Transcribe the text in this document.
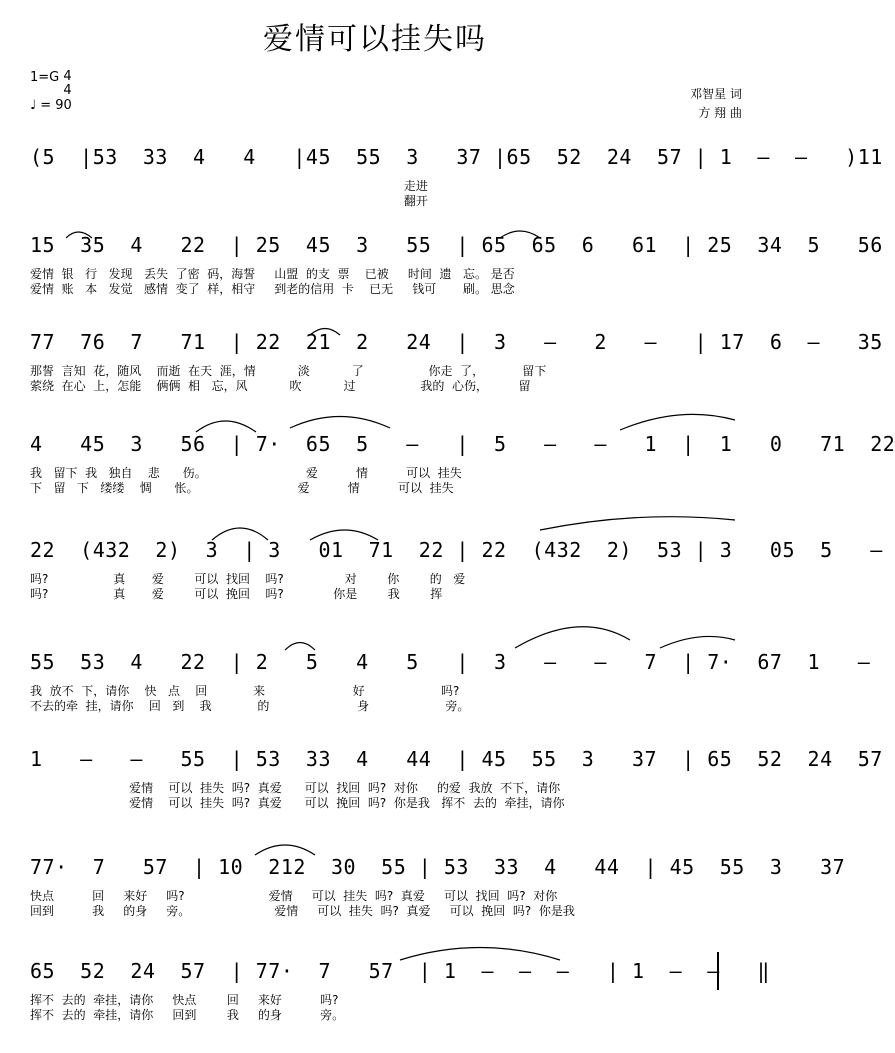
爱情可以挂失吗
1=G 4
4
♩ = 90
邓智星 词
方 翔 曲
(5  |53  33  4   4   |45  55  3   37 |65  52  24  57 | 1  –  –   )11
走进
翻开
15  35  4   22  | 25  45  3   55  | 65  65  6   61  | 25  34  5   56
爱情  银   行   发现   丢失  了密  码，海誓     山盟  的支  票    已被     时间  遗   忘。 是否
爱情  账   本   发觉   感情  变了  样，相守     到老的信用  卡    已无     钱可       刷。 思念
77  76  7   71  | 22  21  2   24  |  3   –   2   –   | 17  6  –   35
那誓  言知  花，随风    而逝  在天  涯，情           淡           了                 你走  了，          留下
萦绕  在心  上，怎能    俩俩  相   忘，风           吹           过                 我的  心伤，        留
4   45  3   56  | 7·  65  5   –   |  5   –   –   1  |  1   0   71  22
我   留下  我   独自    悲      伤。                          爱          情          可以  挂失
下   留   下   缕缕    惆      怅。                          爱          情          可以  挂失
22  (432  2)  3  | 3   01  71  22 | 22  (432  2)  53 | 3   05  5   –
吗?                 真       爱        可以  找回    吗?                对        你        的   爱
吗?                 真       爱        可以  挽回    吗?             你是        我        挥
55  53  4   22  | 2   5   4   5   |  3   –   –   7  | 7·  67  1   –
我  放不  下，请你    快   点    回            来                       好                    吗?
不去的牵  挂，请你    回   到    我            的                       身                    旁。
1   –   –   55  | 53  33  4   44  | 45  55  3   37  | 65  52  24  57
爱情    可以  挂失  吗?  真爱      可以  找回  吗?  对你     的爱  我放  不下，请你
爱情    可以  挂失  吗?  真爱      可以  挽回  吗?  你是我   挥不  去的  牵挂，请你
77·  7   57  | 10  212  30  55 | 53  33  4   44  | 45  55  3   37
快点          回     来好     吗?                      爱情     可以  挂失  吗?  真爱     可以  找回  吗?  对你
回到          我     的身     旁。                      爱情     可以  挂失  吗?  真爱     可以  挽回  吗?  你是我
65  52  24  57  | 77·  7   57  | 1  –  –  –   | 1  –  –   ‖
挥不  去的  牵挂，请你     快点        回     来好          吗?
挥不  去的  牵挂，请你     回到        我     的身          旁。
